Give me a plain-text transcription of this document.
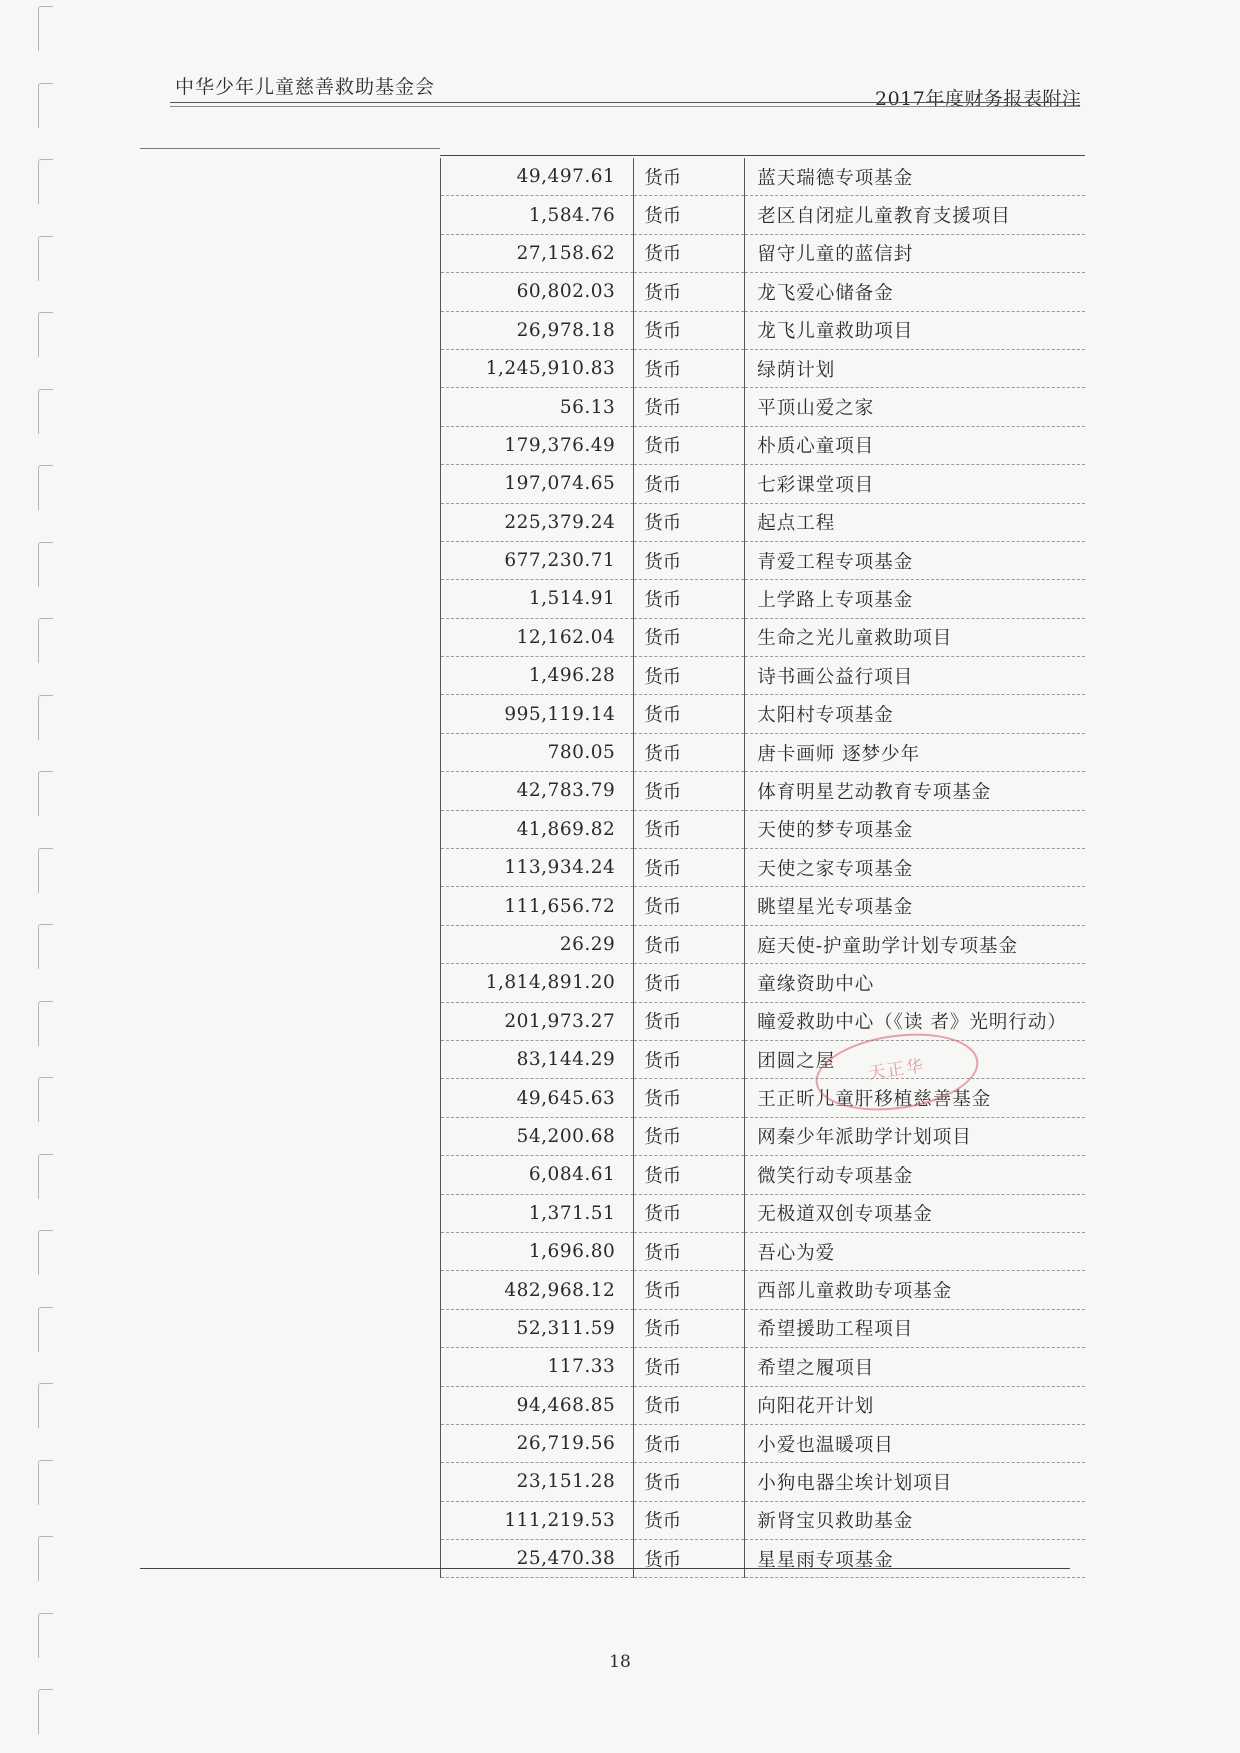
中华少年儿童慈善救助基金会
2017年度财务报表附注
49,497.61	货币	蓝天瑞德专项基金
1,584.76	货币	老区自闭症儿童教育支援项目
27,158.62	货币	留守儿童的蓝信封
60,802.03	货币	龙飞爱心储备金
26,978.18	货币	龙飞儿童救助项目
1,245,910.83	货币	绿荫计划
56.13	货币	平顶山爱之家
179,376.49	货币	朴质心童项目
197,074.65	货币	七彩课堂项目
225,379.24	货币	起点工程
677,230.71	货币	青爱工程专项基金
1,514.91	货币	上学路上专项基金
12,162.04	货币	生命之光儿童救助项目
1,496.28	货币	诗书画公益行项目
995,119.14	货币	太阳村专项基金
780.05	货币	唐卡画师 逐梦少年
42,783.79	货币	体育明星艺动教育专项基金
41,869.82	货币	天使的梦专项基金
113,934.24	货币	天使之家专项基金
111,656.72	货币	眺望星光专项基金
26.29	货币	庭天使-护童助学计划专项基金
1,814,891.20	货币	童缘资助中心
201,973.27	货币	瞳爱救助中心（《读 者》光明行动）
83,144.29	货币	团圆之屋
49,645.63	货币	王正昕儿童肝移植慈善基金
54,200.68	货币	网秦少年派助学计划项目
6,084.61	货币	微笑行动专项基金
1,371.51	货币	无极道双创专项基金
1,696.80	货币	吾心为爱
482,968.12	货币	西部儿童救助专项基金
52,311.59	货币	希望援助工程项目
117.33	货币	希望之履项目
94,468.85	货币	向阳花开计划
26,719.56	货币	小爱也温暖项目
23,151.28	货币	小狗电器尘埃计划项目
111,219.53	货币	新肾宝贝救助基金
25,470.38	货币	星星雨专项基金
天正华
18
